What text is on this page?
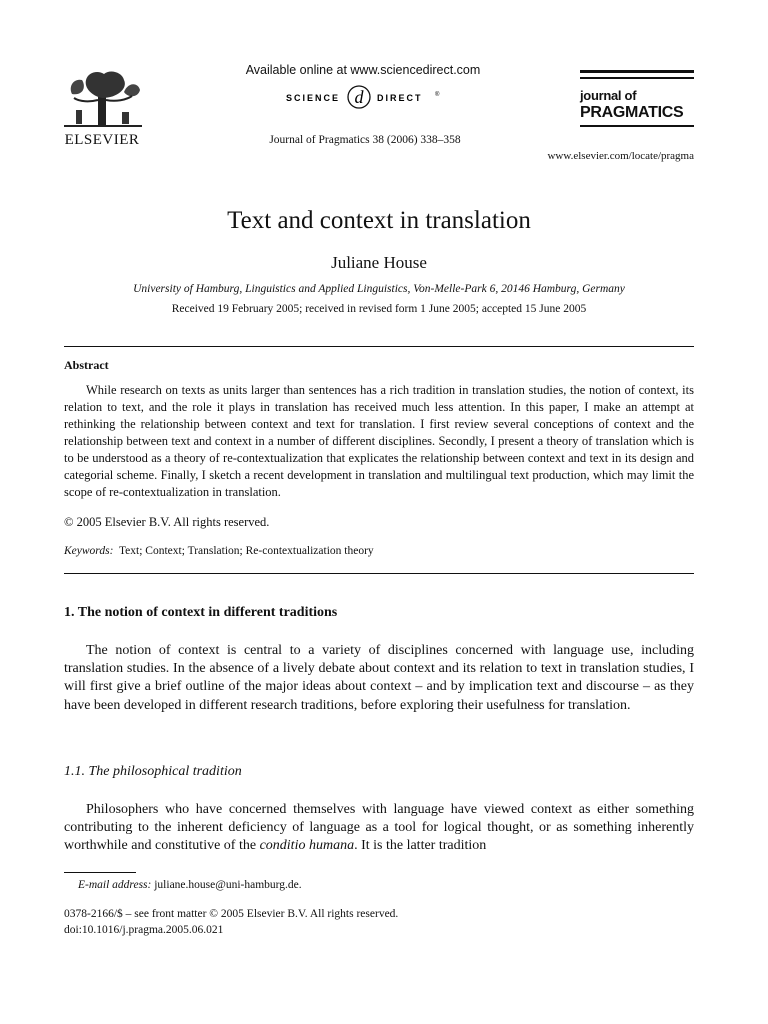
ELSEVIER
Available online at www.sciencedirect.com
SCIENCE d DIRECT ®
Journal of Pragmatics 38 (2006) 338–358
journal of
PRAGMATICS
www.elsevier.com/locate/pragma
Text and context in translation
Juliane House
University of Hamburg, Linguistics and Applied Linguistics, Von-Melle-Park 6, 20146 Hamburg, Germany
Received 19 February 2005; received in revised form 1 June 2005; accepted 15 June 2005
Abstract

While research on texts as units larger than sentences has a rich tradition in translation studies, the notion of context, its relation to text, and the role it plays in translation has received much less attention. In this paper, I make an attempt at rethinking the relationship between context and text for translation. I first review several conceptions of context and the relationship between text and context in a number of different disciplines. Secondly, I present a theory of translation which is to be understood as a theory of re-contextualization that explicates the relationship between context and text in its design and categorial scheme. Finally, I sketch a recent development in translation and multilingual text production, which may limit the scope of re-contextualization in translation.

© 2005 Elsevier B.V. All rights reserved.
Keywords: Text; Context; Translation; Re-contextualization theory
1. The notion of context in different traditions

The notion of context is central to a variety of disciplines concerned with language use, including translation studies. In the absence of a lively debate about context and its relation to text in translation studies, I will first give a brief outline of the major ideas about context – and by implication text and discourse – as they have been developed in different research traditions, before exploring their usefulness for translation.

1.1. The philosophical tradition

Philosophers who have concerned themselves with language have viewed context as either something contributing to the inherent deficiency of language as a tool for logical thought, or as something inherently worthwhile and constitutive of the conditio humana. It is the latter tradition

E-mail address: juliane.house@uni-hamburg.de.
0378-2166/$ – see front matter © 2005 Elsevier B.V. All rights reserved.
doi:10.1016/j.pragma.2005.06.021
